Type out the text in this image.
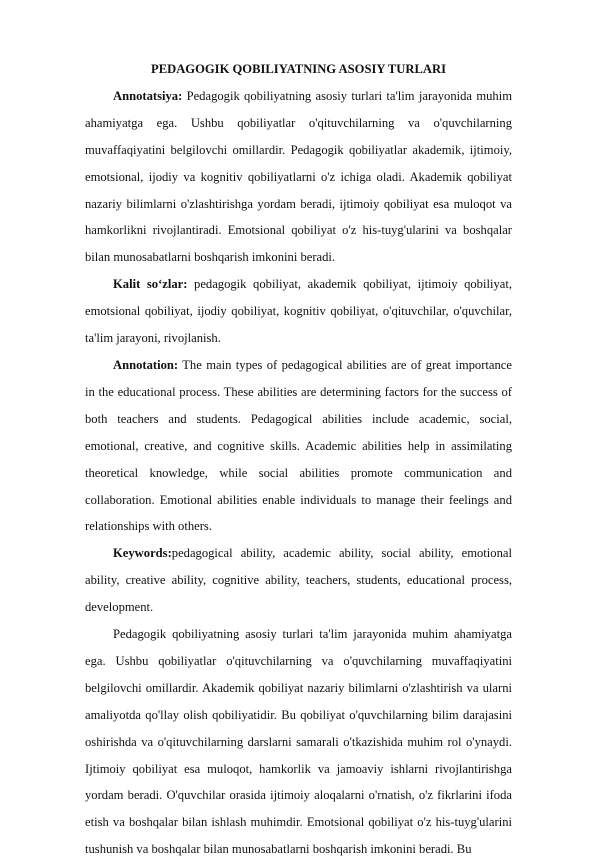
PEDAGOGIK QOBILIYATNING ASOSIY TURLARI

Annotatsiya: Pedagogik qobiliyatning asosiy turlari ta'lim jarayonida muhim ahamiyatga ega. Ushbu qobiliyatlar o'qituvchilarning va o'quvchilarning muvaffaqiyatini belgilovchi omillardir. Pedagogik qobiliyatlar akademik, ijtimoiy, emotsional, ijodiy va kognitiv qobiliyatlarni o'z ichiga oladi. Akademik qobiliyat nazariy bilimlarni o'zlashtirishga yordam beradi, ijtimoiy qobiliyat esa muloqot va hamkorlikni rivojlantiradi. Emotsional qobiliyat o'z his-tuyg'ularini va boshqalar bilan munosabatlarni boshqarish imkonini beradi.

Kalit so‘zlar: pedagogik qobiliyat, akademik qobiliyat, ijtimoiy qobiliyat, emotsional qobiliyat, ijodiy qobiliyat, kognitiv qobiliyat, o'qituvchilar, o'quvchilar, ta'lim jarayoni, rivojlanish.

Annotation: The main types of pedagogical abilities are of great importance in the educational process. These abilities are determining factors for the success of both teachers and students. Pedagogical abilities include academic, social, emotional, creative, and cognitive skills. Academic abilities help in assimilating theoretical knowledge, while social abilities promote communication and collaboration. Emotional abilities enable individuals to manage their feelings and relationships with others.

Keywords:pedagogical ability, academic ability, social ability, emotional ability, creative ability, cognitive ability, teachers, students, educational process, development.

Pedagogik qobiliyatning asosiy turlari ta'lim jarayonida muhim ahamiyatga ega. Ushbu qobiliyatlar o'qituvchilarning va o'quvchilarning muvaffaqiyatini belgilovchi omillardir. Akademik qobiliyat nazariy bilimlarni o'zlashtirish va ularni amaliyotda qo'llay olish qobiliyatidir. Bu qobiliyat o'quvchilarning bilim darajasini oshirishda va o'qituvchilarning darslarni samarali o'tkazishida muhim rol o'ynaydi. Ijtimoiy qobiliyat esa muloqot, hamkorlik va jamoaviy ishlarni rivojlantirishga yordam beradi. O'quvchilar orasida ijtimoiy aloqalarni o'rnatish, o'z fikrlarini ifoda etish va boshqalar bilan ishlash muhimdir. Emotsional qobiliyat o'z his-tuyg'ularini tushunish va boshqalar bilan munosabatlarni boshqarish imkonini beradi. Bu
